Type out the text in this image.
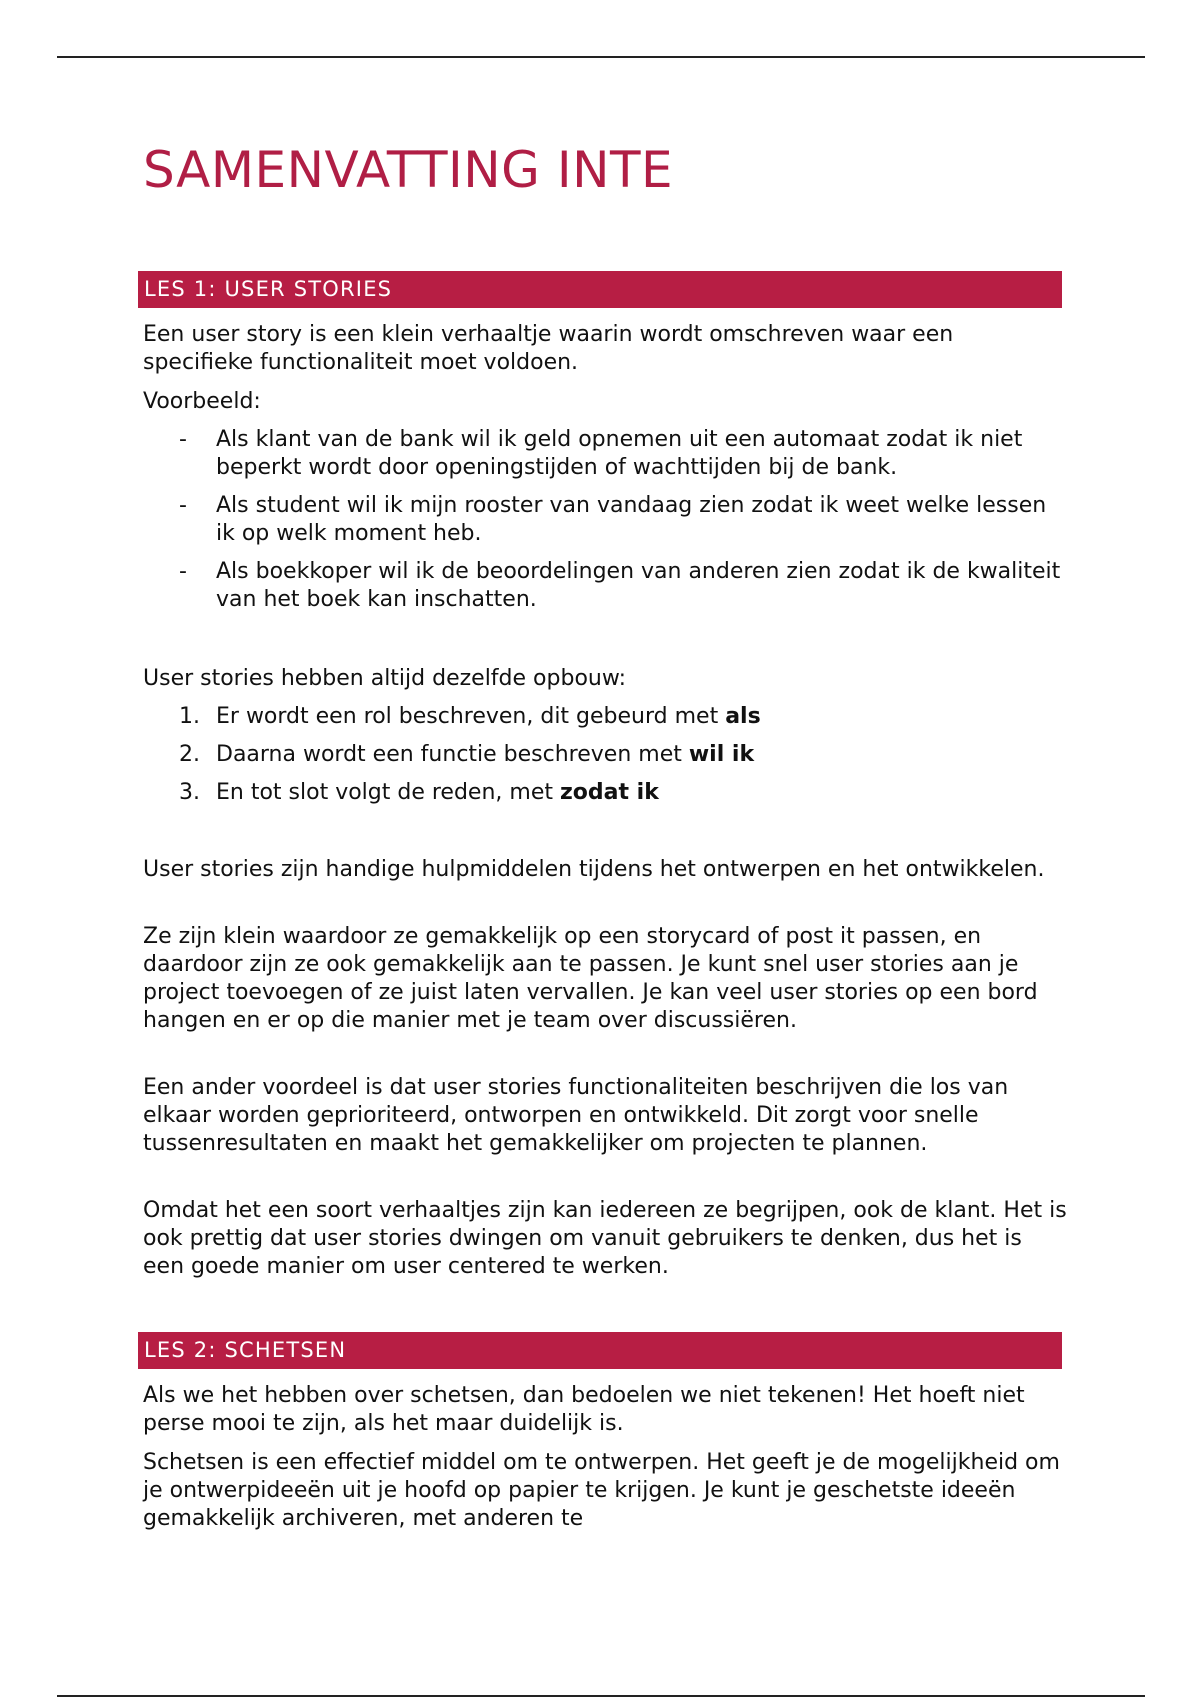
SAMENVATTING INTE
LES 1: USER STORIES

Een user story is een klein verhaaltje waarin wordt omschreven waar een specifieke functionaliteit moet voldoen.

Voorbeeld:

- Als klant van de bank wil ik geld opnemen uit een automaat zodat ik niet beperkt wordt door openingstijden of wachttijden bij de bank.
- Als student wil ik mijn rooster van vandaag zien zodat ik weet welke lessen ik op welk moment heb.
- Als boekkoper wil ik de beoordelingen van anderen zien zodat ik de kwaliteit van het boek kan inschatten.

User stories hebben altijd dezelfde opbouw:

1. Er wordt een rol beschreven, dit gebeurd met als
2. Daarna wordt een functie beschreven met wil ik
3. En tot slot volgt de reden, met zodat ik

User stories zijn handige hulpmiddelen tijdens het ontwerpen en het ontwikkelen.

Ze zijn klein waardoor ze gemakkelijk op een storycard of post it passen, en daardoor zijn ze ook gemakkelijk aan te passen. Je kunt snel user stories aan je project toevoegen of ze juist laten vervallen. Je kan veel user stories op een bord hangen en er op die manier met je team over discussiëren.

Een ander voordeel is dat user stories functionaliteiten beschrijven die los van elkaar worden geprioriteerd, ontworpen en ontwikkeld. Dit zorgt voor snelle tussenresultaten en maakt het gemakkelijker om projecten te plannen.

Omdat het een soort verhaaltjes zijn kan iedereen ze begrijpen, ook de klant. Het is ook prettig dat user stories dwingen om vanuit gebruikers te denken, dus het is een goede manier om user centered te werken.

LES 2: SCHETSEN

Als we het hebben over schetsen, dan bedoelen we niet tekenen! Het hoeft niet perse mooi te zijn, als het maar duidelijk is.

Schetsen is een effectief middel om te ontwerpen. Het geeft je de mogelijkheid om je ontwerpideeën uit je hoofd op papier te krijgen. Je kunt je geschetste ideeën gemakkelijk archiveren, met anderen te
